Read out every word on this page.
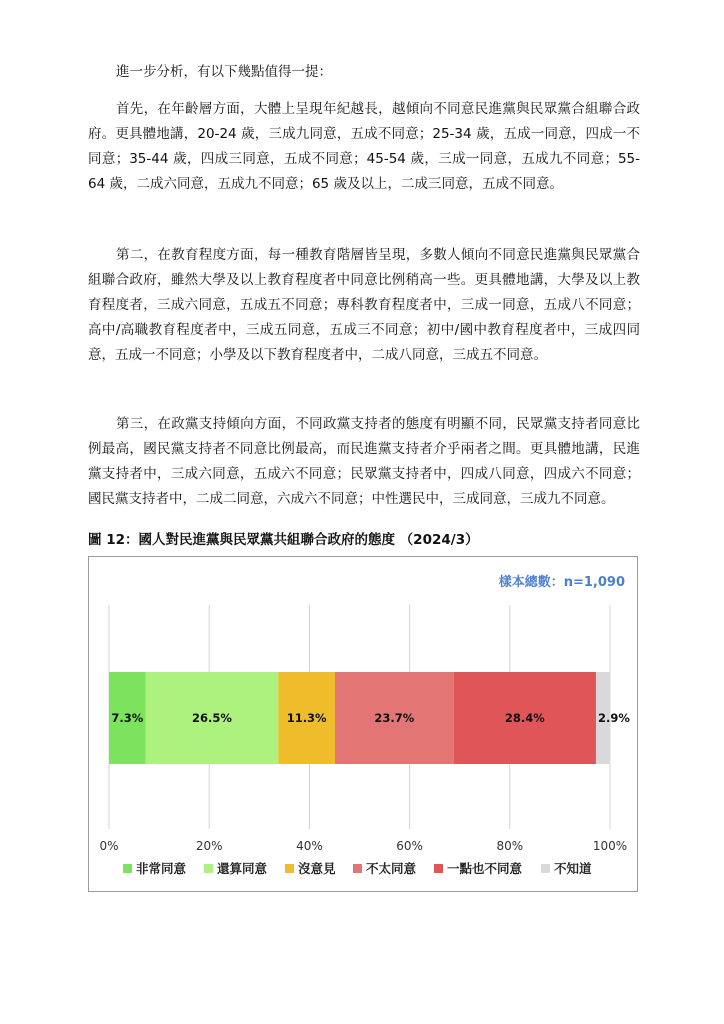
進一步分析，有以下幾點值得一提：

首先，在年齡層方面，大體上呈現年紀越長，越傾向不同意民進黨與民眾黨合組聯合政府。更具體地講，20-24 歲，三成九同意，五成不同意；25-34 歲，五成一同意，四成一不同意；35-44 歲，四成三同意，五成不同意；45-54 歲，三成一同意，五成九不同意；55-64 歲，二成六同意，五成九不同意；65 歲及以上，二成三同意，五成不同意。

第二，在教育程度方面，每一種教育階層皆呈現，多數人傾向不同意民進黨與民眾黨合組聯合政府，雖然大學及以上教育程度者中同意比例稍高一些。更具體地講，大學及以上教育程度者，三成六同意，五成五不同意；專科教育程度者中，三成一同意，五成八不同意；高中/高職教育程度者中，三成五同意，五成三不同意；初中/國中教育程度者中，三成四同意，五成一不同意；小學及以下教育程度者中，二成八同意，三成五不同意。

第三，在政黨支持傾向方面，不同政黨支持者的態度有明顯不同，民眾黨支持者同意比例最高，國民黨支持者不同意比例最高，而民進黨支持者介乎兩者之間。更具體地講，民進黨支持者中，三成六同意，五成六不同意；民眾黨支持者中，四成八同意，四成六不同意；國民黨支持者中，二成二同意，六成六不同意；中性選民中，三成同意，三成九不同意。

圖 12：國人對民進黨與民眾黨共組聯合政府的態度 （2024/3）
0%	20%	40%	60%	80%	100%
7.3%	26.5%	11.3%	23.7%	28.4%	2.9%
非常同意 還算同意 沒意見 不太同意 一點也不同意	不知道
樣本總數：n=1,090
